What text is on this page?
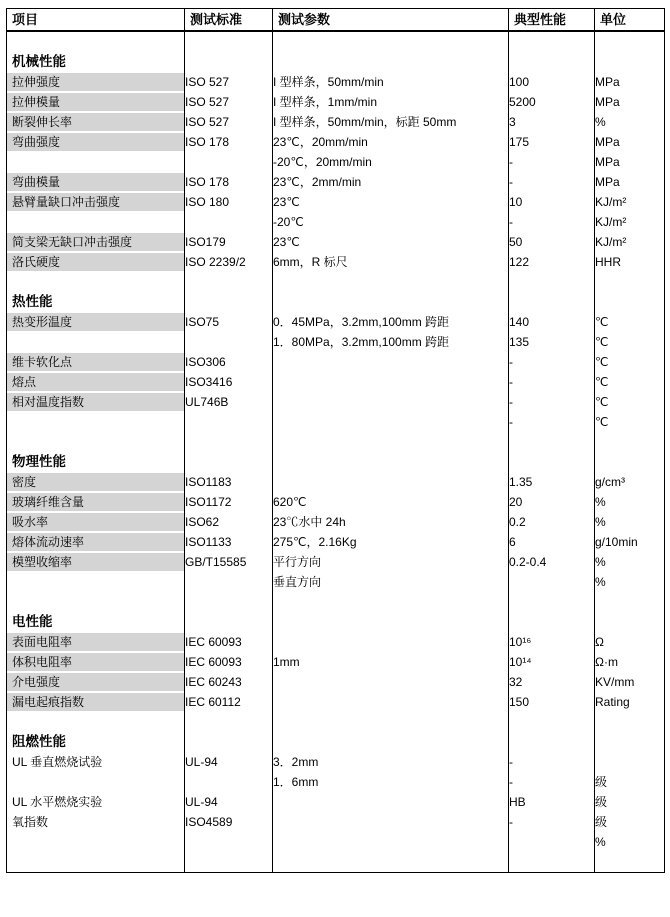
项目	测试标准	测试参数	典型性能	单位

机械性能				

拉伸强度	ISO 527	I 型样条，50mm/min	100	MPa

拉伸模量	ISO 527	I 型样条，1mm/min	5200	MPa

断裂伸长率	ISO 527	I 型样条，50mm/min，标距 50mm	3	%

弯曲强度	ISO 178	23℃，20mm/min	175	MPa

		-20℃，20mm/min	-	MPa

弯曲模量	ISO 178	23℃，2mm/min	-	MPa

悬臂量缺口冲击强度	ISO 180	23℃	10	KJ/m²

		-20℃	-	KJ/m²

简支梁无缺口冲击强度	ISO179	23℃	50	KJ/m²

洛氏硬度	ISO 2239/2	6mm，R 标尺	122	HHR

热性能				

热变形温度	ISO75	0．45MPa，3.2mm,100mm 跨距	140	℃

		1．80MPa，3.2mm,100mm 跨距	135	℃

维卡软化点	ISO306		-	℃

熔点	ISO3416		-	℃

相对温度指数	UL746B		-	℃

			-	℃

物理性能				

密度	ISO1183		1.35	g/cm³

玻璃纤维含量	ISO1172	620℃	20	%

吸水率	ISO62	23℃水中 24h	0.2	%

熔体流动速率	ISO1133	275℃，2.16Kg	6	g/10min

模塑收缩率	GB/T15585	平行方向	0.2-0.4	%

		垂直方向		%

电性能				

表面电阻率	IEC 60093		10¹⁶	Ω

体积电阻率	IEC 60093	1mm	10¹⁴	Ω·m

介电强度	IEC 60243		32	KV/mm

漏电起痕指数	IEC 60112		150	Rating

阻燃性能				

UL 垂直燃烧试验	UL-94	3．2mm	-	

		1．6mm	-	级

UL 水平燃烧实验	UL-94		HB	级

氧指数	ISO4589		-	级

				%
